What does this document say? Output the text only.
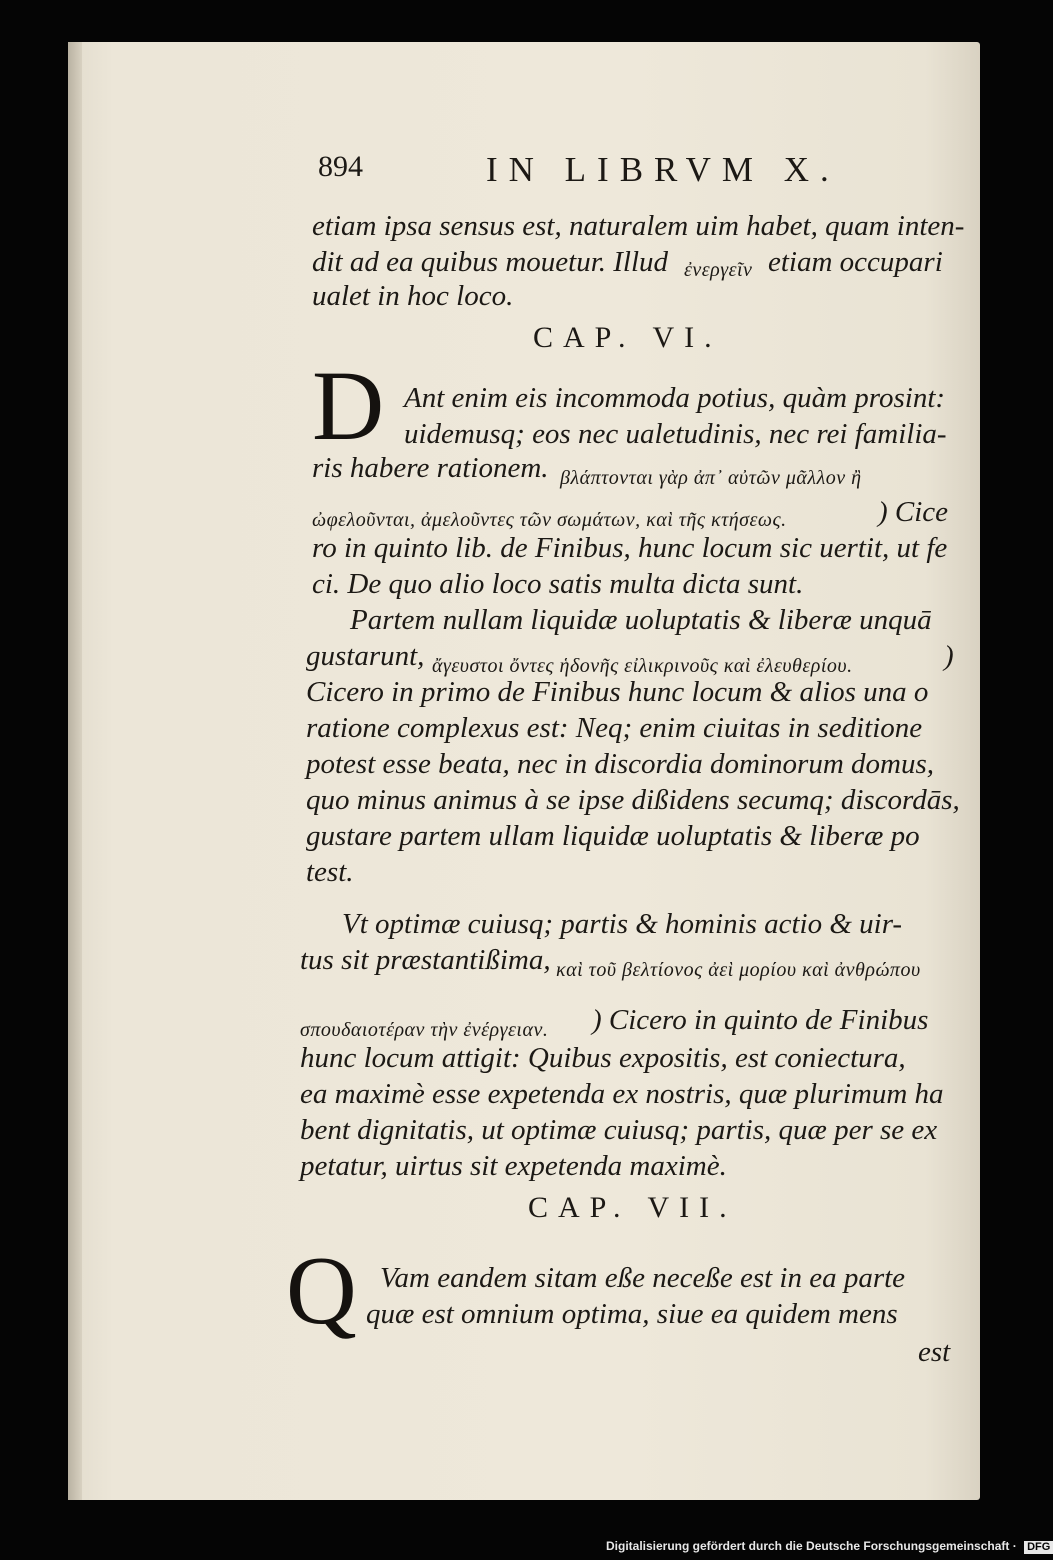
894	IN LIBRVM X.
etiam ipsa sensus est, naturalem uim habet, quam inten-
dit ad ea quibus mouetur. Illud ἐνεργεῖν etiam occupari
ualet in hoc loco.
CAP. VI.
D Ant enim eis incommoda potius, quàm prosint:
uidemusq; eos nec ualetudinis, nec rei familia-
ris habere rationem. βλάπτονται γὰρ ἀπ᾽ αὐτῶν μᾶλλον ἢ
ὠφελοῦνται, ἀμελοῦντες τῶν σωμάτων, καὶ τῆς κτήσεως.	) Cice
ro in quinto lib. de Finibus, hunc locum sic uertit, ut fe
ci. De quo alio loco satis multa dicta sunt.
Partem nullam liquidæ uoluptatis & liberæ unquā
gustarunt, ἄγευστοι ὄντες ἡδονῆς εἰλικρινοῦς καὶ ἐλευθερίου.	)
Cicero in primo de Finibus hunc locum & alios una o
ratione complexus est: Neq; enim ciuitas in seditione
potest esse beata, nec in discordia dominorum domus,
quo minus animus à se ipse dißidens secumq; discordās,
gustare partem ullam liquidæ uoluptatis & liberæ po
test.
Vt optimæ cuiusq; partis & hominis actio & uir-
tus sit præstantißima, καὶ τοῦ βελτίονος ἀεὶ μορίου καὶ ἀνθρώπου
σπουδαιοτέραν τὴν ἐνέργειαν. ) Cicero in quinto de Finibus
hunc locum attigit: Quibus expositis, est coniectura,
ea maximè esse expetenda ex nostris, quæ plurimum ha
bent dignitatis, ut optimæ cuiusq; partis, quæ per se ex
petatur, uirtus sit expetenda maximè.
CAP. VII.
Q Vam eandem sitam eße neceße est in ea parte
quæ est omnium optima, siue ea quidem mens
est
Digitalisierung gefördert durch die Deutsche Forschungsgemeinschaft · DFG
